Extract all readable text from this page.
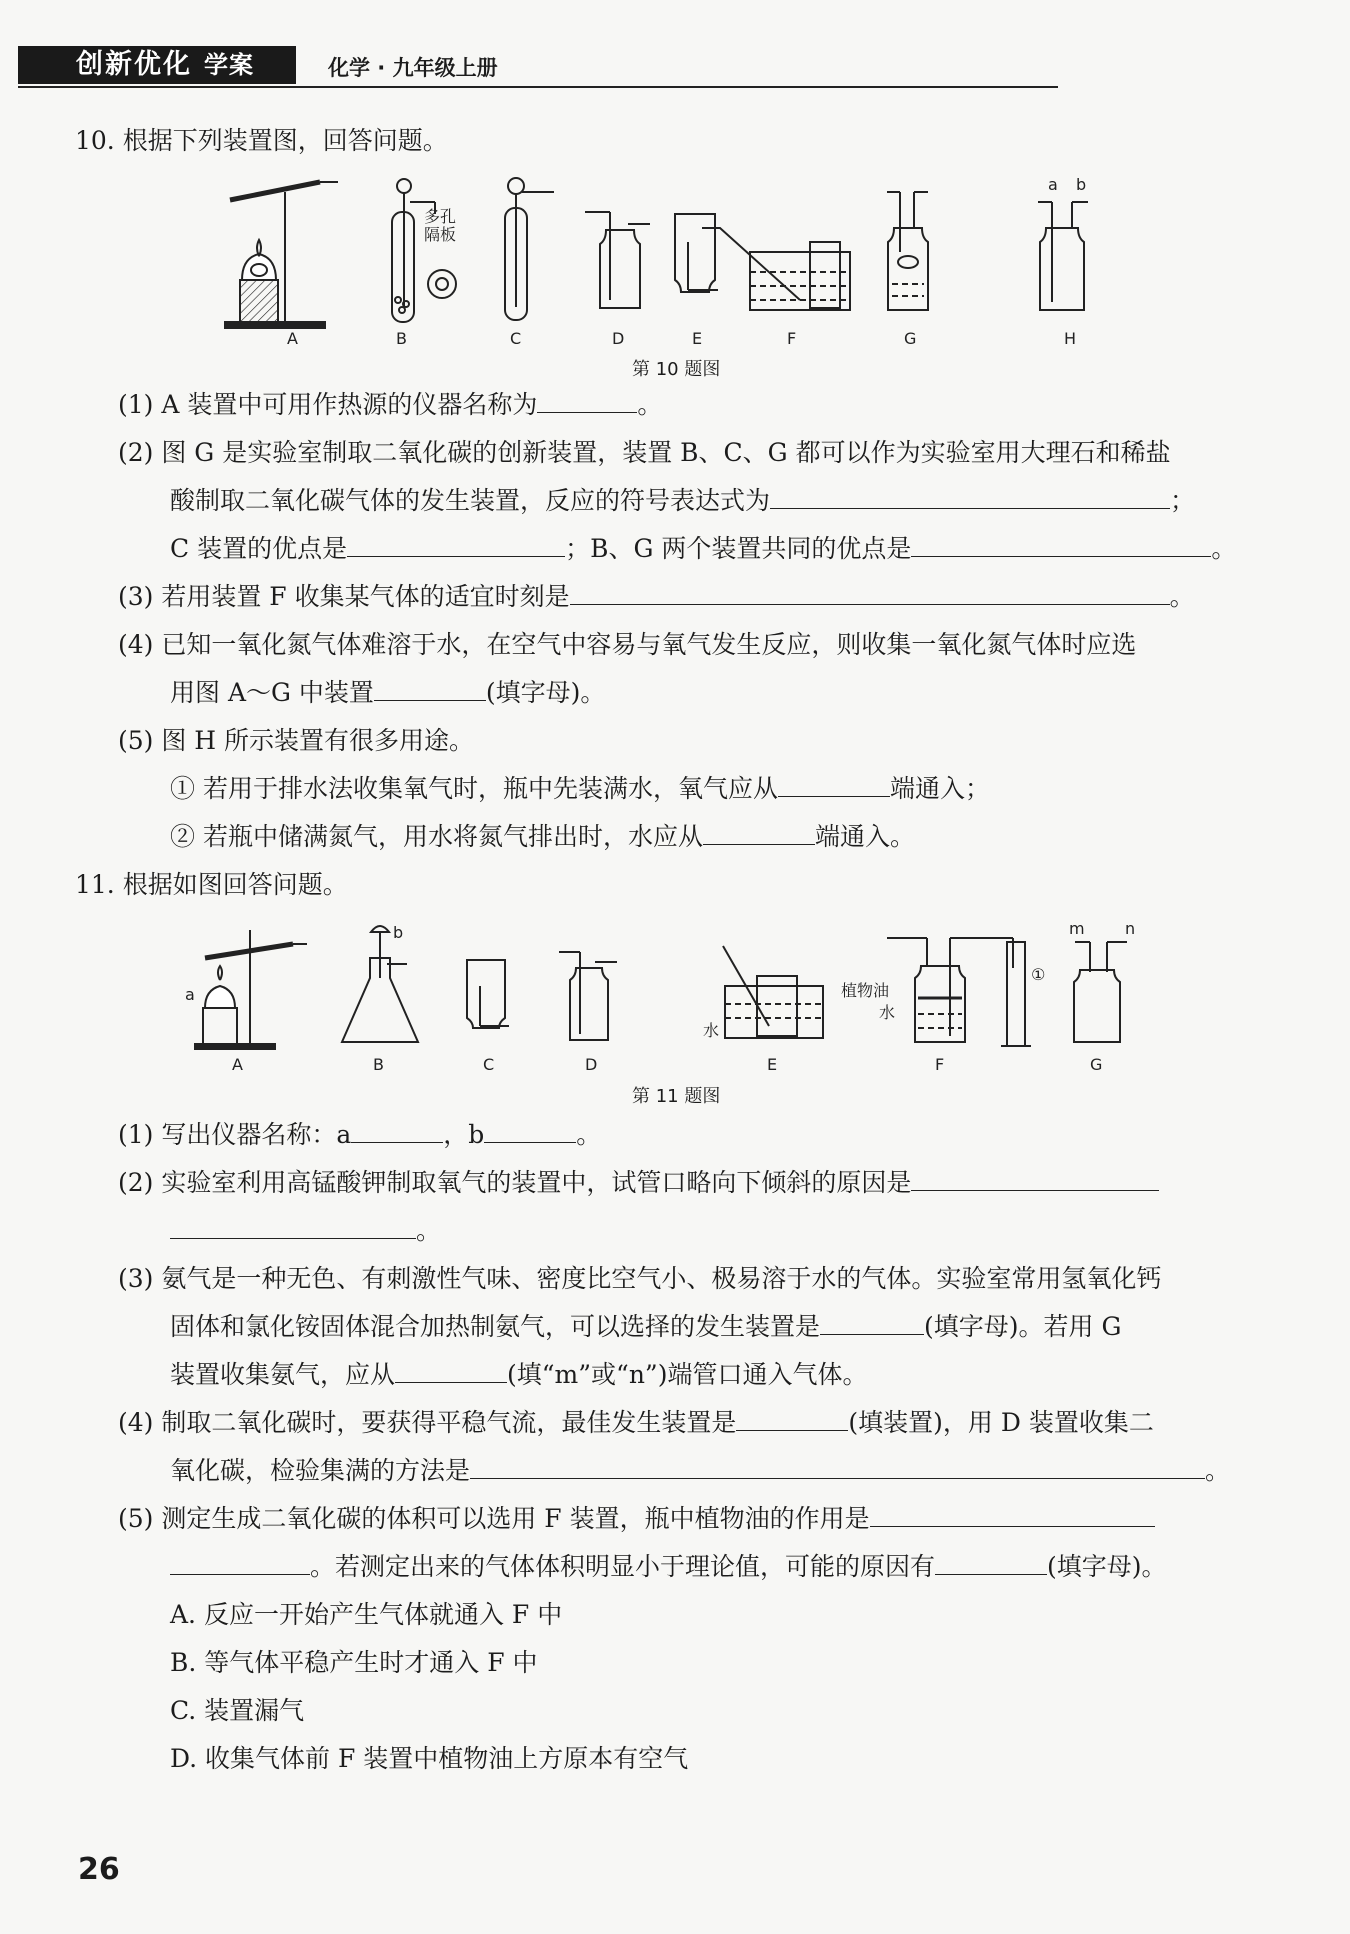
创新优化 学案	化学 · 九年级上册
10. 根据下列装置图，回答问题。
A
多孔
隔板
B	C	D	E	F	G
a b
H
第 10 题图
(1) A 装置中可用作热源的仪器名称为	。
(2) 图 G 是实验室制取二氧化碳的创新装置，装置 B、C、G 都可以作为实验室用大理石和稀盐
酸制取二氧化碳气体的发生装置，反应的符号表达式为	；
C 装置的优点是	；B、G 两个装置共同的优点是	。
(3) 若用装置 F 收集某气体的适宜时刻是	。
(4) 已知一氧化氮气体难溶于水，在空气中容易与氧气发生反应，则收集一氧化氮气体时应选
用图 A～G 中装置	(填字母)。
(5) 图 H 所示装置有很多用途。
① 若用于排水法收集氧气时，瓶中先装满水，氧气应从	端通入；
② 若瓶中储满氮气，用水将氮气排出时，水应从	端通入。
11. 根据如图回答问题。
a
A
b
B	C	D
水
E
①
植物油
水
F
m	n
G
第 11 题图
(1) 写出仪器名称：a	，b	。
(2) 实验室利用高锰酸钾制取氧气的装置中，试管口略向下倾斜的原因是
。
(3) 氨气是一种无色、有刺激性气味、密度比空气小、极易溶于水的气体。实验室常用氢氧化钙
固体和氯化铵固体混合加热制氨气，可以选择的发生装置是	(填字母)。若用 G
装置收集氨气，应从	(填“m”或“n”)端管口通入气体。
(4) 制取二氧化碳时，要获得平稳气流，最佳发生装置是	(填装置)，用 D 装置收集二
氧化碳，检验集满的方法是	。
(5) 测定生成二氧化碳的体积可以选用 F 装置，瓶中植物油的作用是
。若测定出来的气体体积明显小于理论值，可能的原因有	(填字母)。
A. 反应一开始产生气体就通入 F 中
B. 等气体平稳产生时才通入 F 中
C. 装置漏气
D. 收集气体前 F 装置中植物油上方原本有空气
26
